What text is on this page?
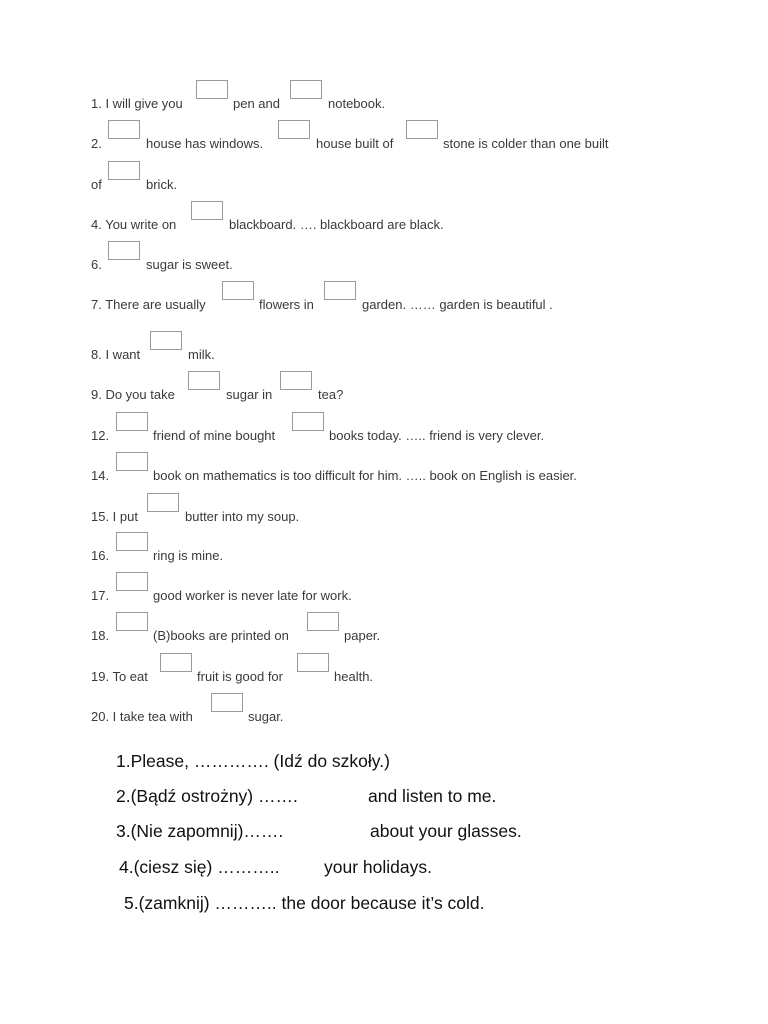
1. I will give you	pen and	notebook.
2.	house has windows.	house built of	stone is colder than one built
of	brick.
4. You write on	blackboard. …. blackboard are black.
6.	sugar is sweet.
7. There are usually	flowers in	garden. …… garden is beautiful .
8. I want	milk.
9. Do you take	sugar in	tea?
12.	friend of mine bought	books today. ….. friend is very clever.
14.	book on mathematics is too difficult for him. ….. book on English is easier.
15. I put	butter into my soup.
16.	ring is mine.
17.	good worker is never late for work.
18.	(B)books are printed on	paper.
19. To eat	fruit is good for	health.
20. I take tea with	sugar.
1.Please, …………. (Idź do szkoły.)
2.(Bądź ostrożny) …….	and listen to me.
3.(Nie zapomnij)…….	about your glasses.
4.(ciesz się) ………..	your holidays.
5.(zamknij) ……….. the door because it’s cold.
